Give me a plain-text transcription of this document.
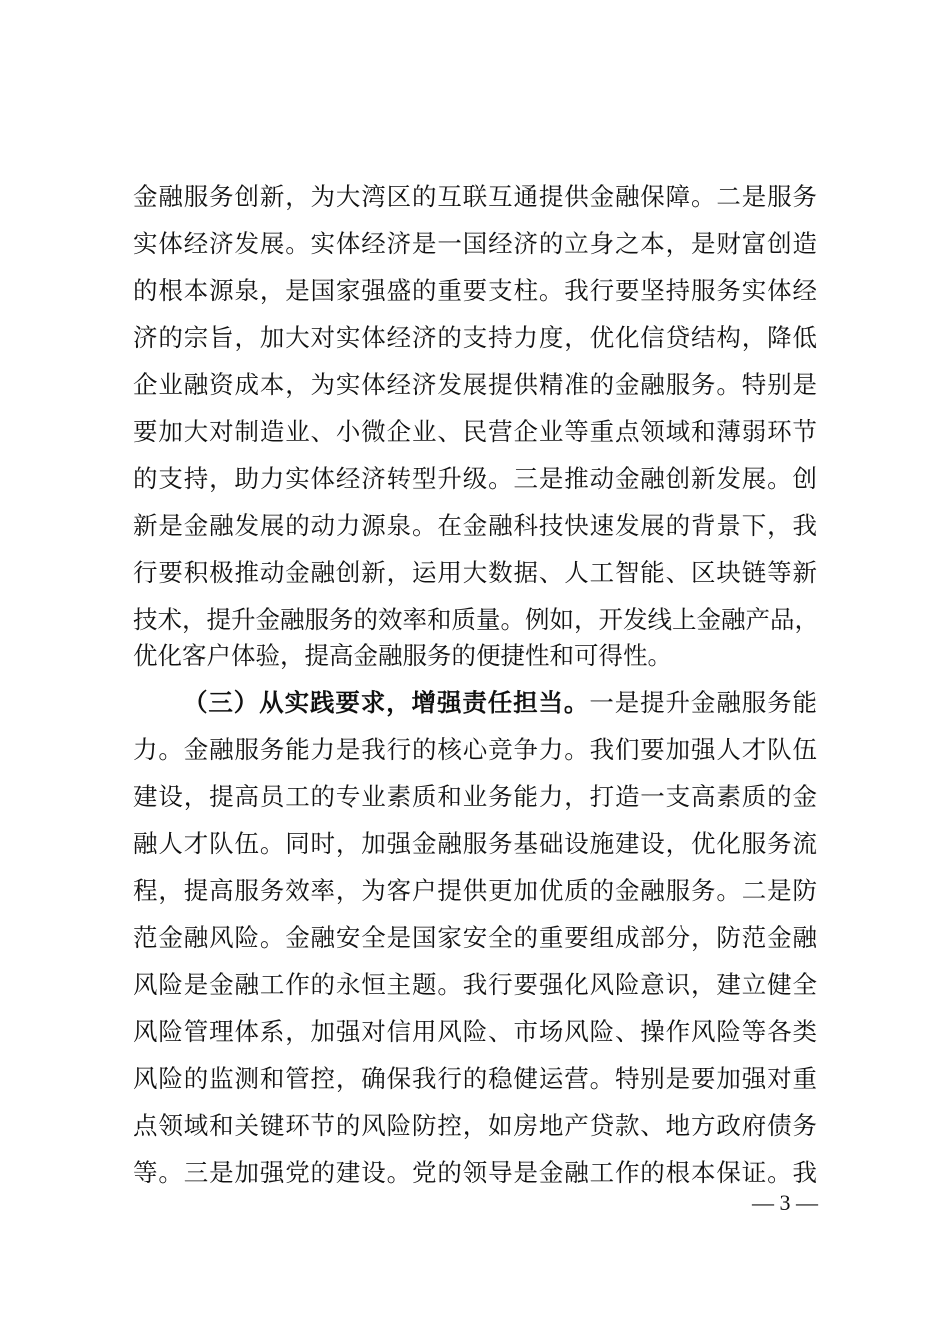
金融服务创新，为大湾区的互联互通提供金融保障。二是服务
实体经济发展。实体经济是一国经济的立身之本，是财富创造
的根本源泉，是国家强盛的重要支柱。我行要坚持服务实体经
济的宗旨，加大对实体经济的支持力度，优化信贷结构，降低
企业融资成本，为实体经济发展提供精准的金融服务。特别是
要加大对制造业、小微企业、民营企业等重点领域和薄弱环节
的支持，助力实体经济转型升级。三是推动金融创新发展。创
新是金融发展的动力源泉。在金融科技快速发展的背景下，我
行要积极推动金融创新，运用大数据、人工智能、区块链等新
技术，提升金融服务的效率和质量。例如，开发线上金融产品，
优化客户体验，提高金融服务的便捷性和可得性。
（三）从实践要求，增强责任担当。一是提升金融服务能
力。金融服务能力是我行的核心竞争力。我们要加强人才队伍
建设，提高员工的专业素质和业务能力，打造一支高素质的金
融人才队伍。同时，加强金融服务基础设施建设，优化服务流
程，提高服务效率，为客户提供更加优质的金融服务。二是防
范金融风险。金融安全是国家安全的重要组成部分，防范金融
风险是金融工作的永恒主题。我行要强化风险意识，建立健全
风险管理体系，加强对信用风险、市场风险、操作风险等各类
风险的监测和管控，确保我行的稳健运营。特别是要加强对重
点领域和关键环节的风险防控，如房地产贷款、地方政府债务
等。三是加强党的建设。党的领导是金融工作的根本保证。我
— 3 —
